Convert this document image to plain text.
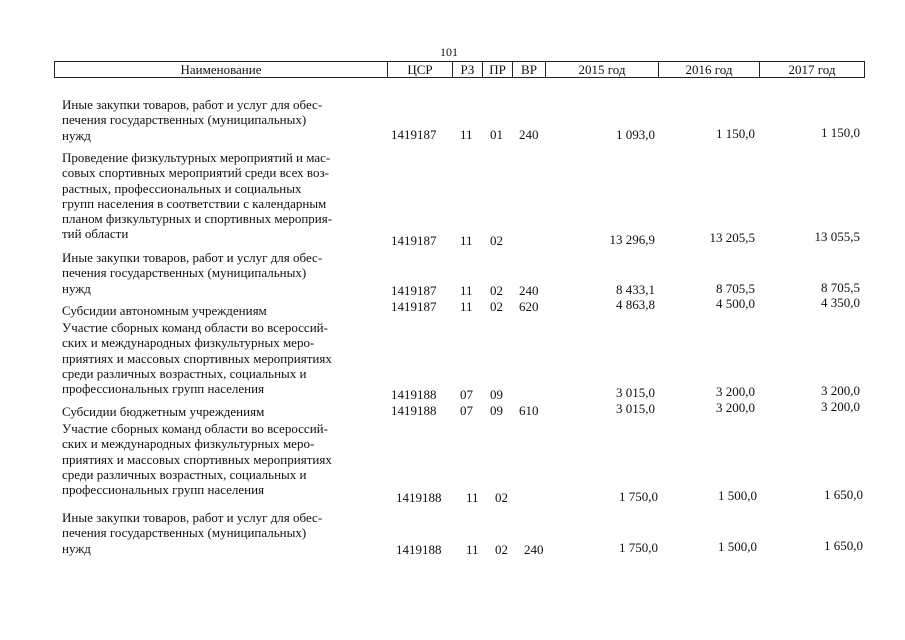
101
Наименование	ЦСР	РЗ	ПР	ВР	2015 год	2016 год	2017 год
Иные закупки товаров, работ и услуг для обес-
печения государственных (муниципальных)
нужд	1419187 11 01 240	1 093,0	1 150,0	1 150,0
Проведение физкультурных мероприятий и мас-
совых спортивных мероприятий среди всех воз-
растных, профессиональных и социальных
групп населения в соответствии с календарным
планом физкультурных и спортивных мероприя-
тий области	1419187 11 02	13 296,9	13 205,5	13 055,5
Иные закупки товаров, работ и услуг для обес-
печения государственных (муниципальных)
нужд	1419187 11 02 240	8 433,1	8 705,5	8 705,5
Субсидии автономным учреждениям	1419187 11 02 620	4 863,8	4 500,0	4 350,0
Участие сборных команд области во всероссий-
ских и международных физкультурных меро-
приятиях и массовых спортивных мероприятиях
среди различных возрастных, социальных и
профессиональных групп населения	1419188 07 09	3 015,0	3 200,0	3 200,0
Субсидии бюджетным учреждениям	1419188 07 09 610	3 015,0	3 200,0	3 200,0
Участие сборных команд области во всероссий-
ских и международных физкультурных меро-
приятиях и массовых спортивных мероприятиях
среди различных возрастных, социальных и
профессиональных групп населения
1419188 11 02	1 750,0	1 500,0	1 650,0
Иные закупки товаров, работ и услуг для обес-
печения государственных (муниципальных)
нужд	1419188 11 02 240	1 750,0	1 500,0	1 650,0
